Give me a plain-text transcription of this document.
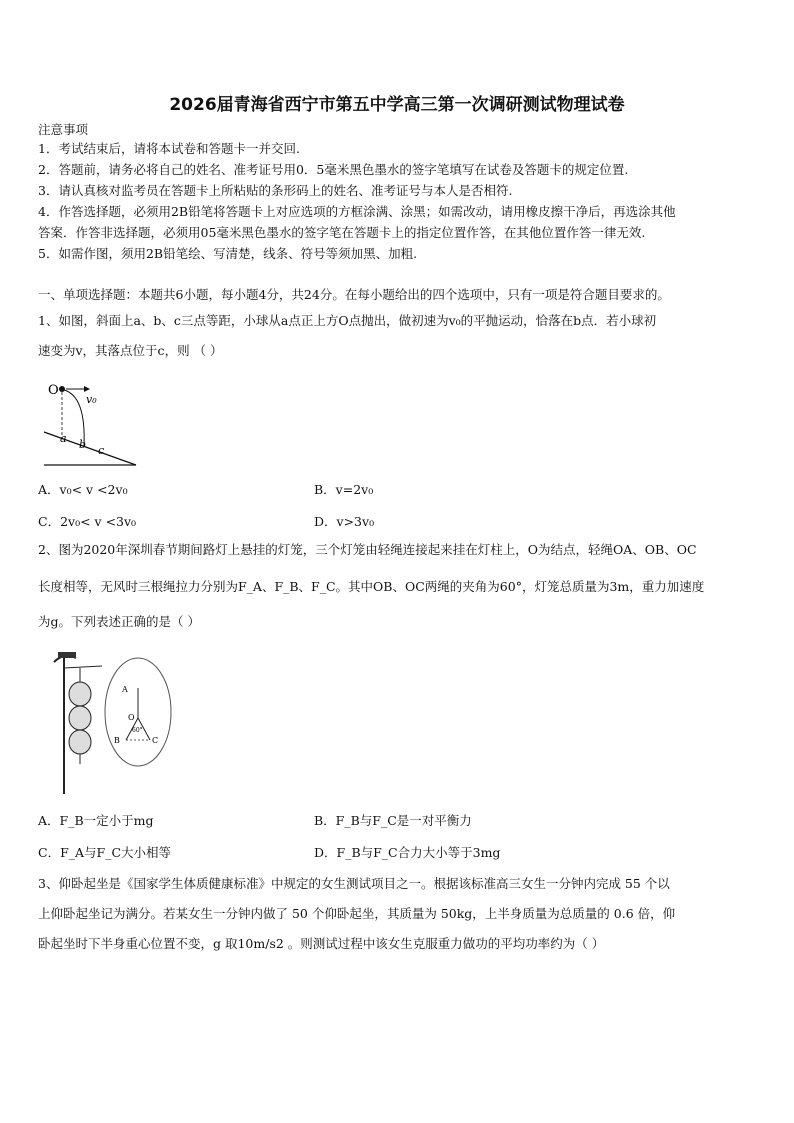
2026届青海省西宁市第五中学高三第一次调研测试物理试卷
注意事项
1．考试结束后，请将本试卷和答题卡一并交回.
2．答题前，请务必将自己的姓名、准考证号用0．5毫米黑色墨水的签字笔填写在试卷及答题卡的规定位置.
3．请认真核对监考员在答题卡上所粘贴的条形码上的姓名、准考证号与本人是否相符.
4．作答选择题，必须用2B铅笔将答题卡上对应选项的方框涂满、涂黑；如需改动，请用橡皮擦干净后，再选涂其他
答案．作答非选择题，必须用05毫米黑色墨水的签字笔在答题卡上的指定位置作答，在其他位置作答一律无效.
5．如需作图，须用2B铅笔绘、写清楚，线条、符号等须加黑、加粗.
一、单项选择题：本题共6小题，每小题4分，共24分。在每小题给出的四个选项中，只有一项是符合题目要求的。
1、如图，斜面上a、b、c三点等距，小球从a点正上方O点抛出，做初速为v₀的平抛运动，恰落在b点．若小球初
速变为v，其落点位于c，则 （ ）
O
v₀
a b c
A．v₀< v <2v₀	B．v=2v₀
C．2v₀< v <3v₀	D．v>3v₀
2、图为2020年深圳春节期间路灯上悬挂的灯笼，三个灯笼由轻绳连接起来挂在灯柱上，O为结点，轻绳OA、OB、OC
长度相等，无风时三根绳拉力分别为F_A、F_B、F_C。其中OB、OC两绳的夹角为60°，灯笼总质量为3m，重力加速度
为g。下列表述正确的是（ ）
A
O
B	C
60°
A．F_B一定小于mg	B．F_B与F_C是一对平衡力
C．F_A与F_C大小相等	D．F_B与F_C合力大小等于3mg
3、仰卧起坐是《国家学生体质健康标准》中规定的女生测试项目之一。根据该标准高三女生一分钟内完成 55 个以
上仰卧起坐记为满分。若某女生一分钟内做了 50 个仰卧起坐，其质量为 50kg，上半身质量为总质量的 0.6 倍，仰
卧起坐时下半身重心位置不变，g 取10m/s2 。则测试过程中该女生克服重力做功的平均功率约为（ ）
